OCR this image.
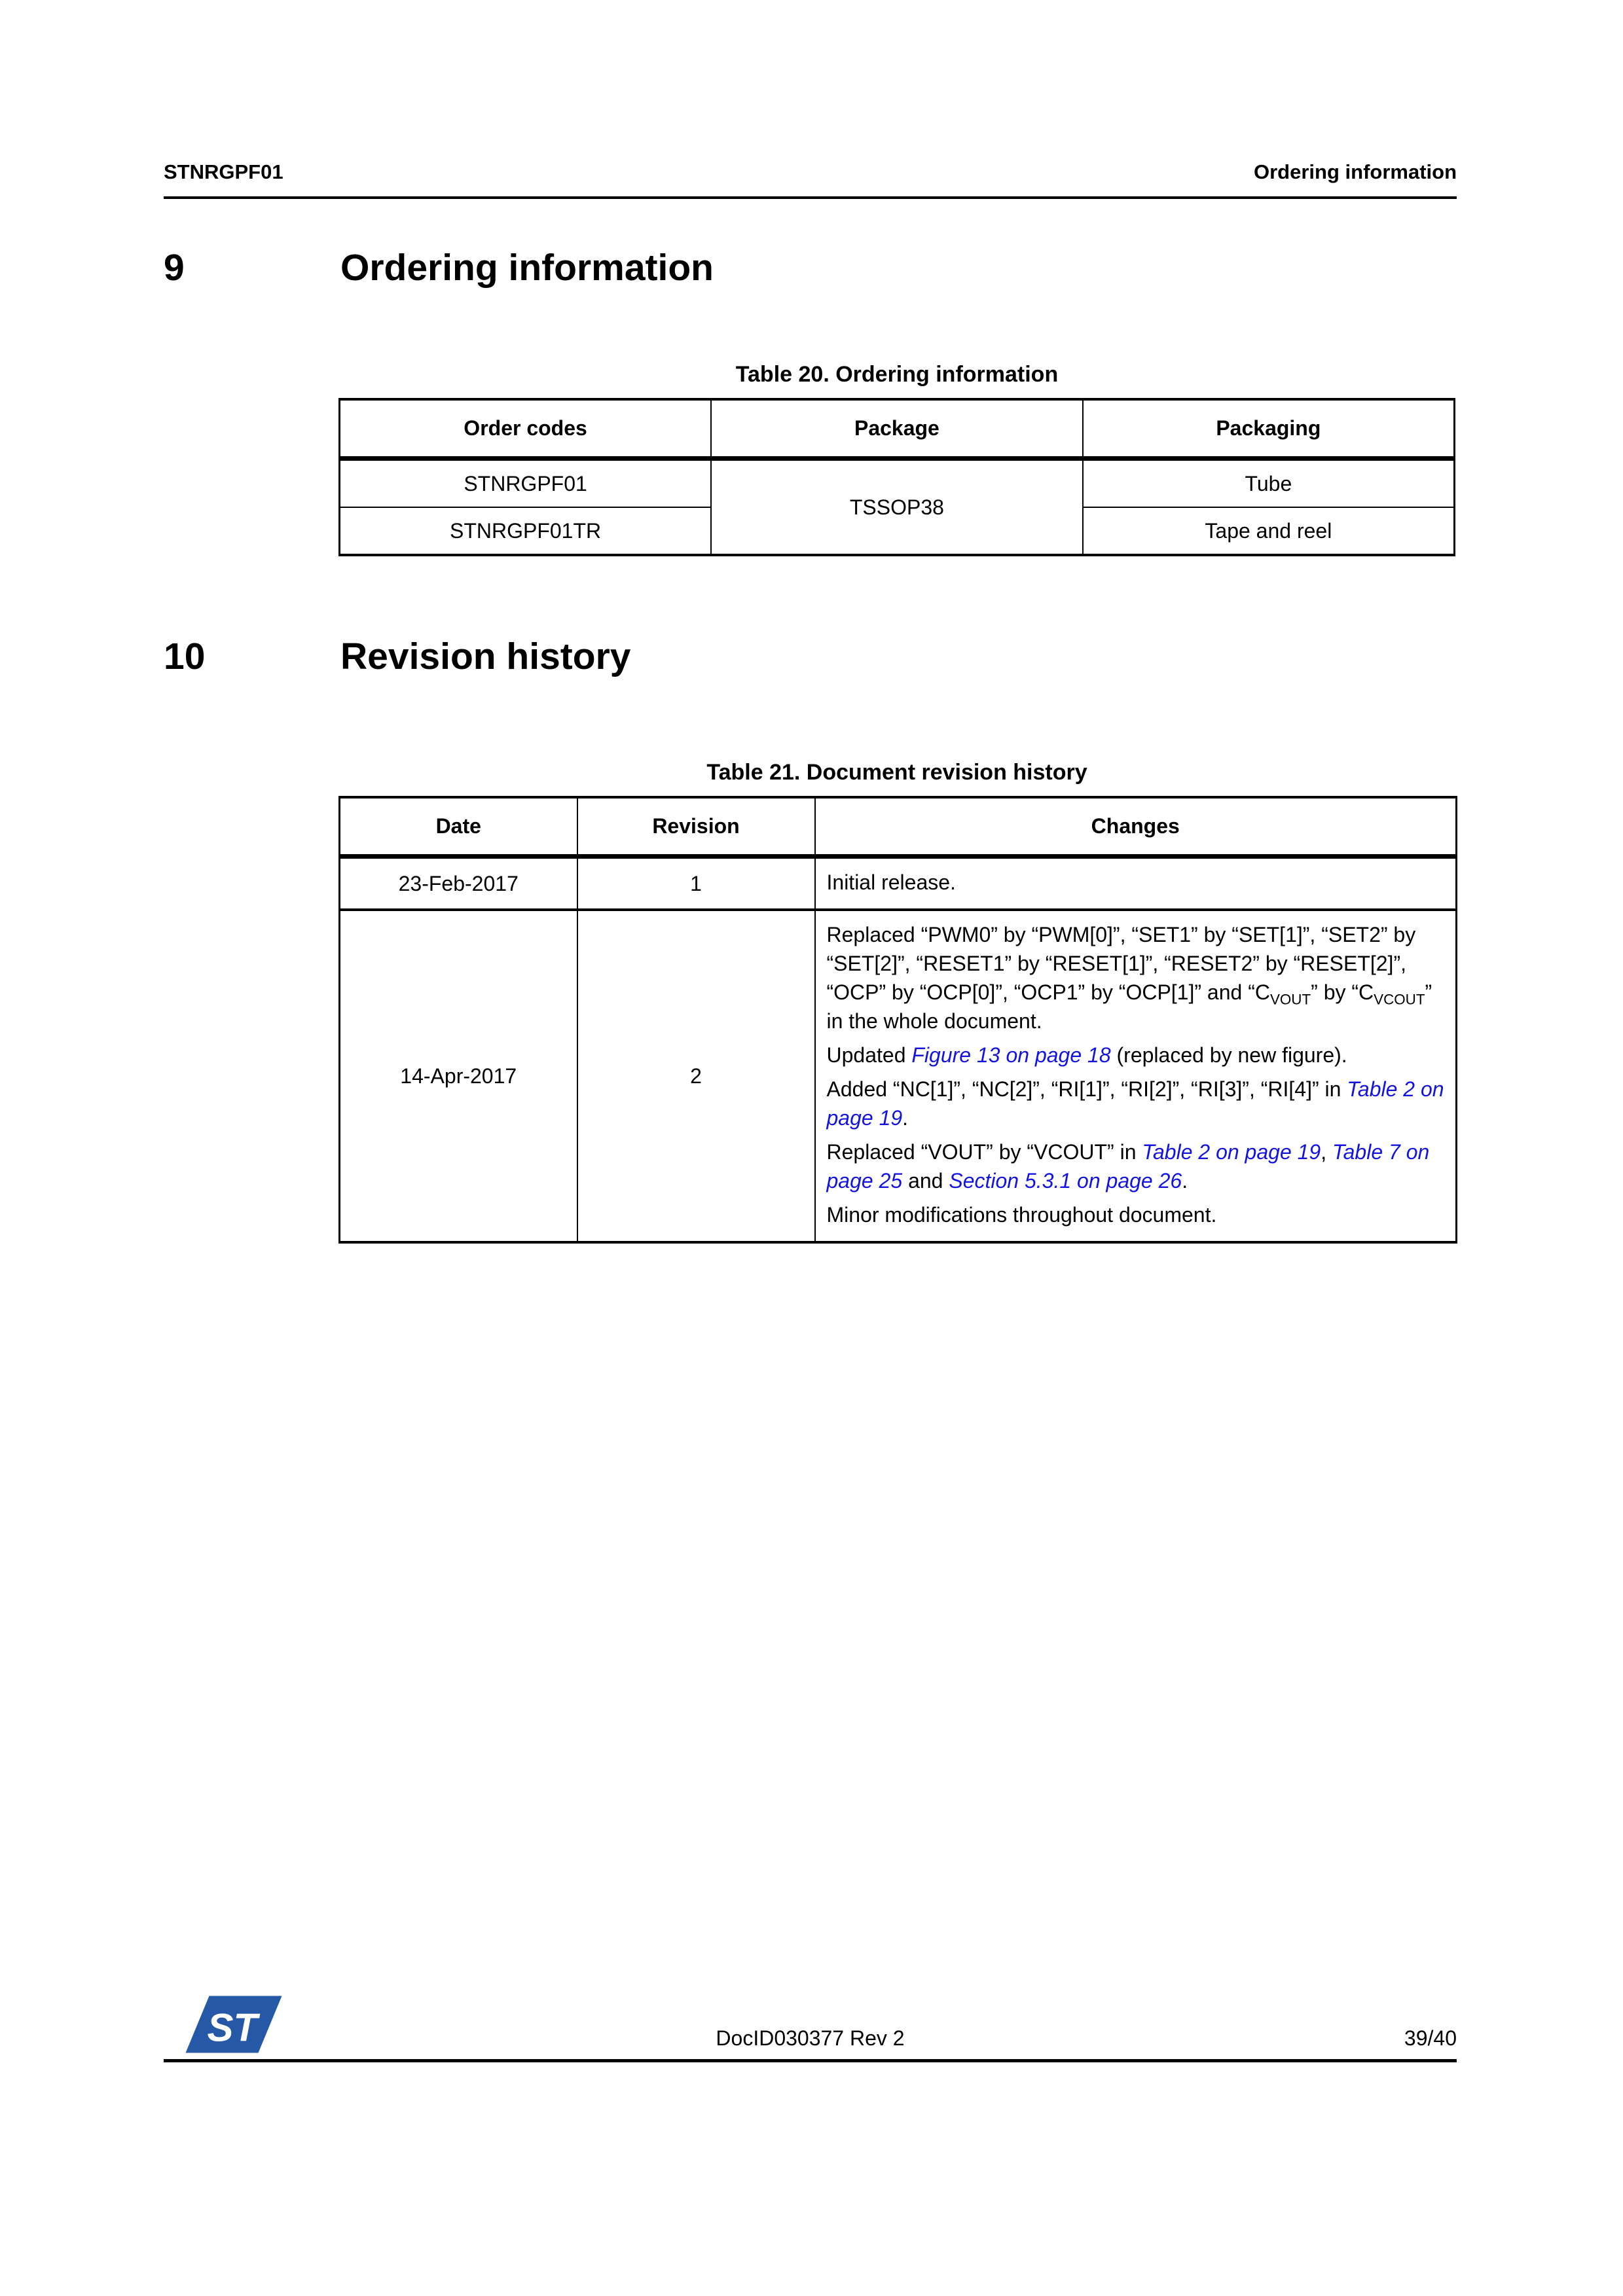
STNRGPF01	Ordering information
9	Ordering information

Table 20. Ordering information

Order codes	Package	Packaging
STNRGPF01	TSSOP38	Tube
STNRGPF01TR		Tape and reel
10	Revision history

Table 21. Document revision history

Date	Revision	Changes
23-Feb-2017	1	Initial release.

14-Apr-2017	2	Replaced “PWM0” by “PWM[0]”, “SET1” by “SET[1]”, “SET2” by “SET[2]”, “RESET1” by “RESET[1]”, “RESET2” by “RESET[2]”, “OCP” by “OCP[0]”, “OCP1” by “OCP[1]” and “$C_{VOUT}$” by “$C_{VCOUT}$” in the whole document.

Updated Figure 13 on page 18 (replaced by new figure).

Added “NC[1]”, “NC[2]”, “RI[1]”, “RI[2]”, “RI[3]”, “RI[4]” in Table 2 on page 19.

Replaced “VOUT” by “VCOUT” in Table 2 on page 19, Table 7 on page 25 and Section 5.3.1 on page 26.

Minor modifications throughout document.

ST	DocID030377 Rev 2	39/40
